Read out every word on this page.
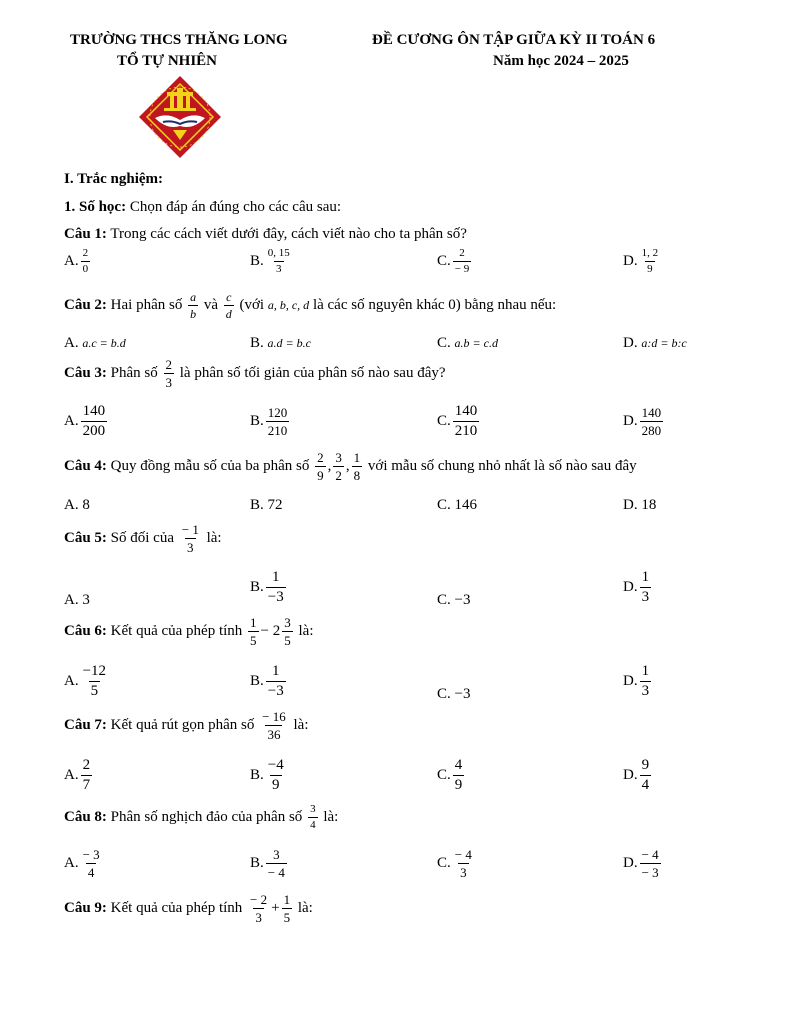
TRƯỜNG THCS THĂNG LONG
TỔ TỰ NHIÊN
ĐỀ CƯƠNG ÔN TẬP GIỮA KỲ II TOÁN 6
Năm học 2024 – 2025
I. Trắc nghiệm:
1. Số học: Chọn đáp án đúng cho các câu sau:
Câu 1: Trong các cách viết dưới đây, cách viết nào cho ta phân số?
A. $\frac{2}{0}$	B. $\frac{0, 15}{3}$	C. $\frac{2}{- 9}$	D. $\frac{1, 2}{9}$
Câu 2: Hai phân số $\frac{a}{b}$ và $\frac{c}{d}$ (với a, b, c, d là các số nguyên khác 0) bằng nhau nếu:
A. a.c = b.d	B. a.d = b.c	C. a.b = c.d	D. a:d = b:c
Câu 3: Phân số $\frac{2}{3}$ là phân số tối giản của phân số nào sau đây?
A. $\frac{140}{200}$	B. $\frac{120}{210}$	C. $\frac{140}{210}$	D. $\frac{140}{280}$
Câu 4: Quy đồng mẫu số của ba phân số $\frac{2}{9}$ , $\frac{3}{2}$ , $\frac{1}{8}$ với mẫu số chung nhỏ nhất là số nào sau đây
A. 8	B. 72	C. 146	D. 18
Câu 5: Số đối của $\frac{- 1}{3}$ là:
A. 3
B. $\frac{1}{-3}$	C. −3
D. $\frac{1}{3}$
Câu 6: Kết quả của phép tính $\frac{1}{5} - 2 \frac{3}{5}$ là:
A. $\frac{-12}{5}$	B. $\frac{1}{-3}$	C. −3
D. $\frac{1}{3}$
Câu 7: Kết quả rút gọn phân số $\frac{- 16}{36}$ là:
A. $\frac{2}{7}$	B. $\frac{-4}{9}$	C. $\frac{4}{9}$	D. $\frac{9}{4}$
Câu 8: Phân số nghịch đảo của phân số $\frac{3}{4}$ là:
A. $\frac{- 3}{4}$	B. $\frac{3}{- 4}$	C. $\frac{- 4}{3}$	D. $\frac{- 4}{- 3}$
Câu 9: Kết quả của phép tính $\frac{- 2}{3} + \frac{1}{5}$ là:
